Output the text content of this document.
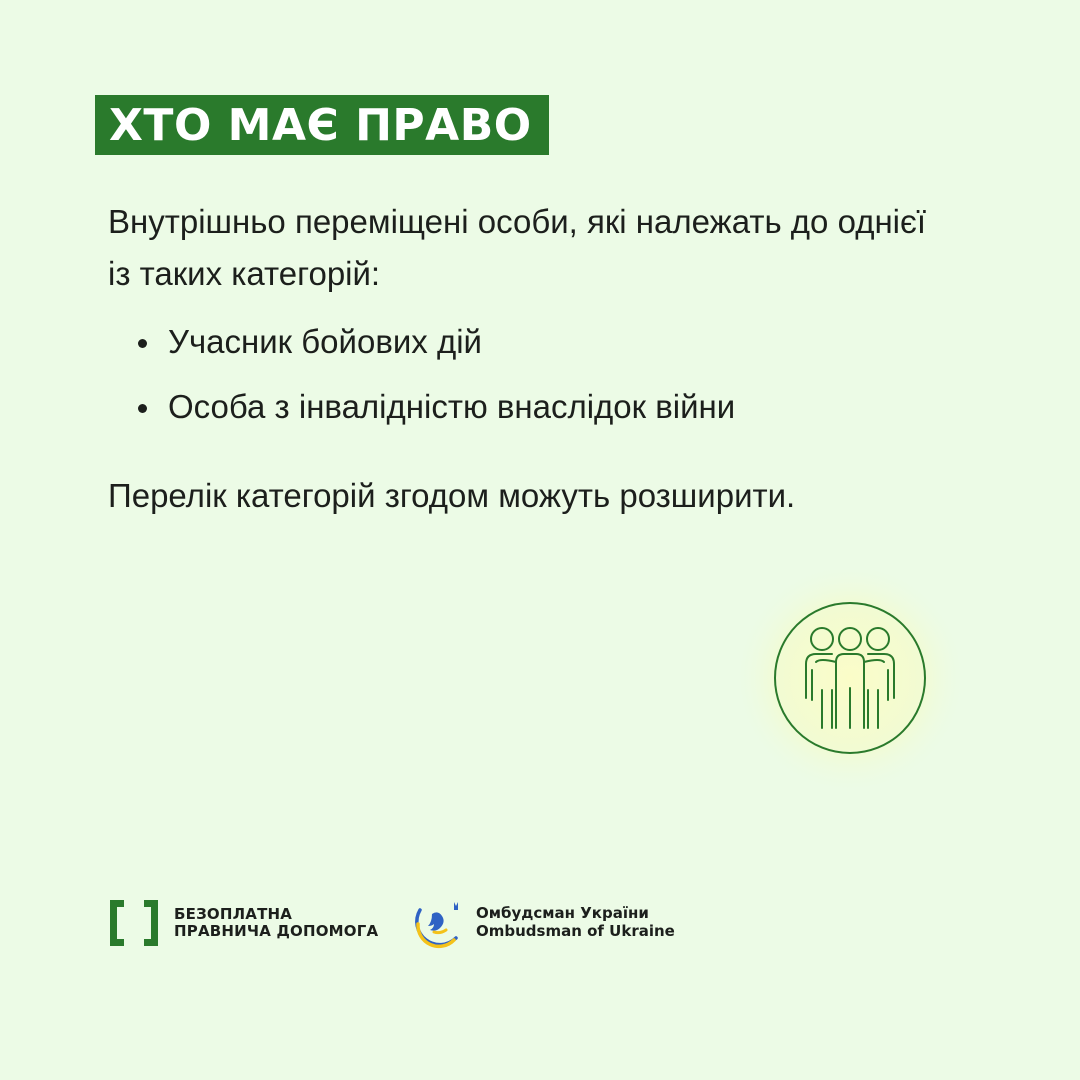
ХТО МАЄ ПРАВО

Внутрішньо переміщені особи, які належать до однієї із таких категорій:

Учасник бойових дій
Особа з інвалідністю внаслідок війни

Перелік категорій згодом можуть розширити.

БЕЗОПЛАТНА
ПРАВНИЧА ДОПОМОГА
Омбудсман України
Ombudsman of Ukraine
